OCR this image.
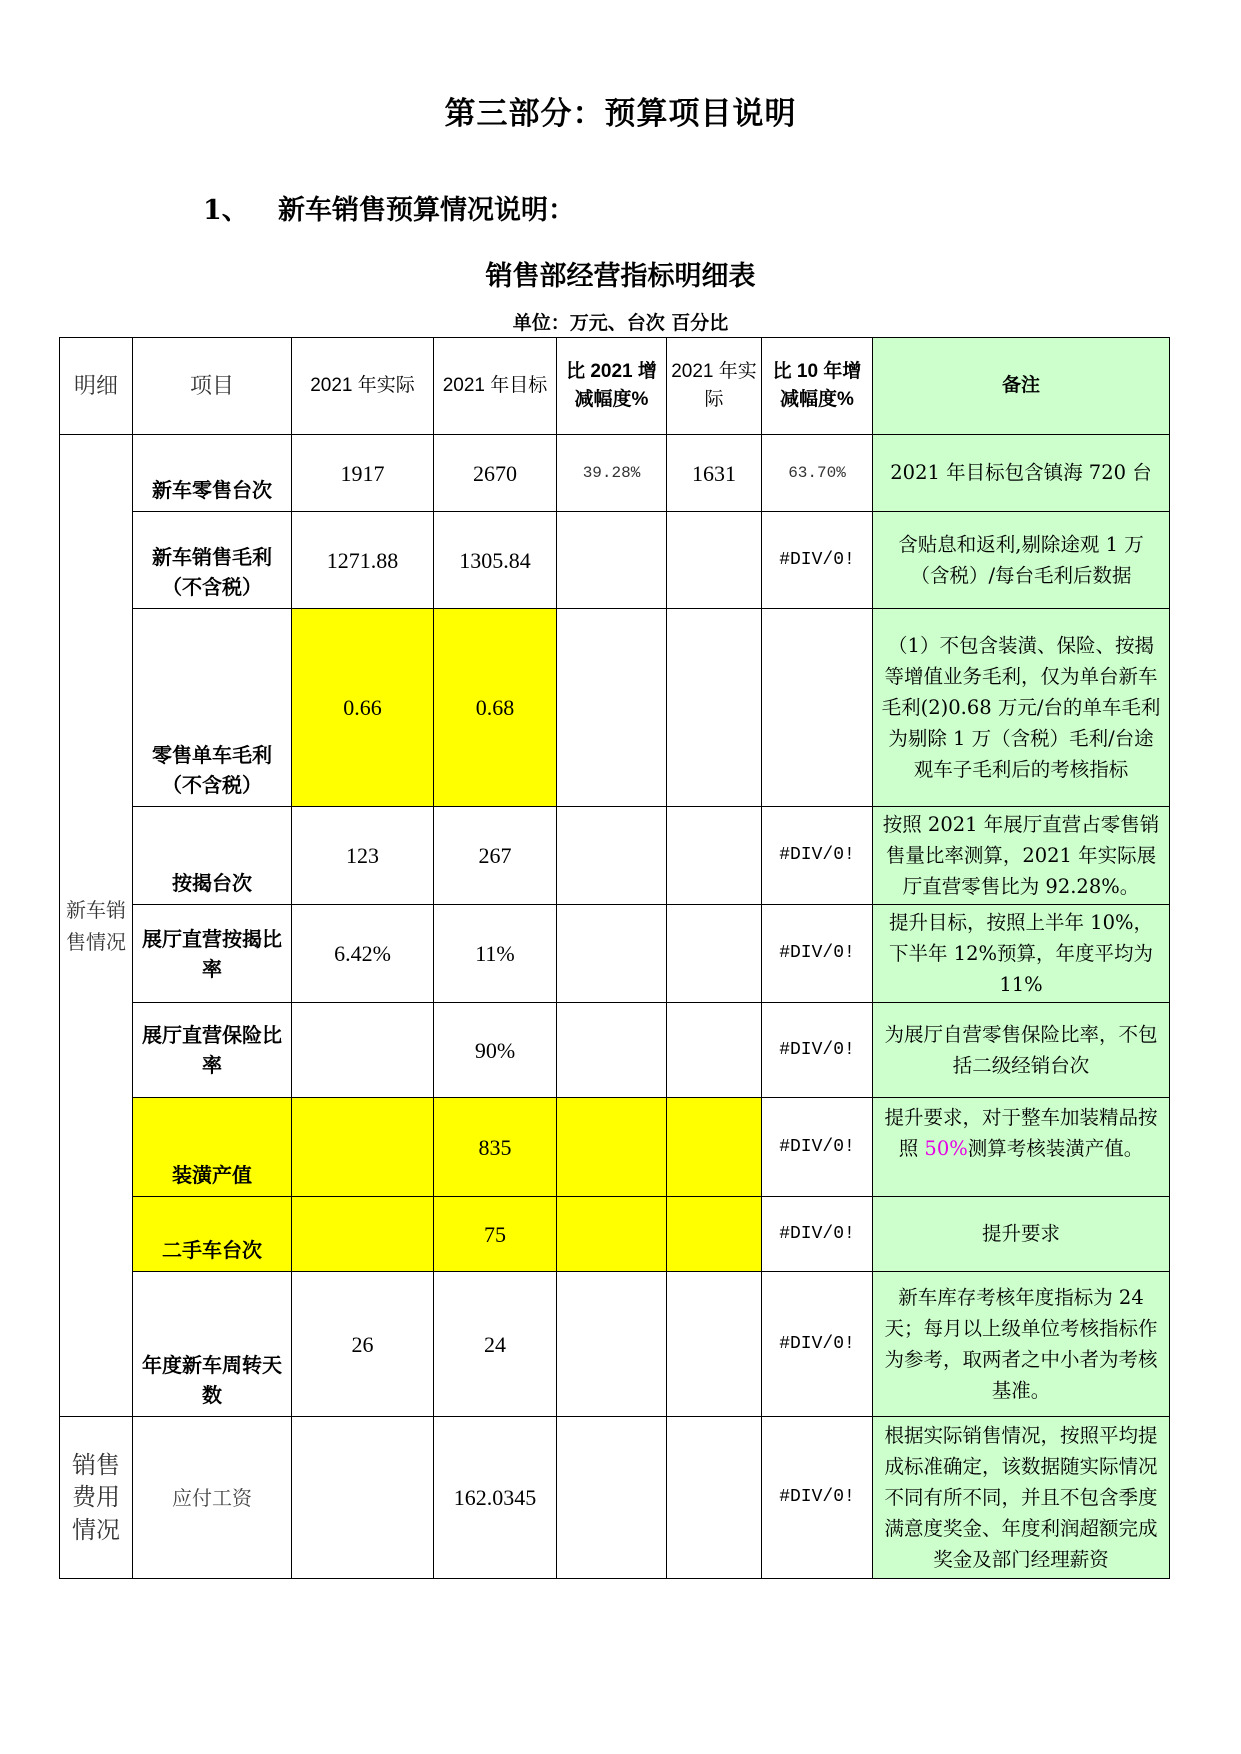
第三部分：预算项目说明
1、 新车销售预算情况说明：
销售部经营指标明细表
单位：万元、台次 百分比
明细	项目	2021 年实际	2021 年目标	比 2021 增减幅度%	2021 年实际	比 10 年增减幅度%	备注
新车销售情况	新车零售台次	1917	2670	39.28%	1631	63.70%	2021 年目标包含镇海 720 台
	新车销售毛利（不含税）	1271.88	1305.84			#DIV/0!	含贴息和返利,剔除途观 1 万（含税）/每台毛利后数据
	零售单车毛利（不含税）	0.66	0.68				（1）不包含装潢、保险、按揭等增值业务毛利，仅为单台新车毛利(2)0.68 万元/台的单车毛利为剔除 1 万（含税）毛利/台途观车子毛利后的考核指标
	按揭台次	123	267			#DIV/0!	按照 2021 年展厅直营占零售销售量比率测算，2021 年实际展厅直营零售比为 92.28%。
	展厅直营按揭比率	6.42%	11%			#DIV/0!	提升目标，按照上半年 10%，下半年 12%预算，年度平均为 11%
	展厅直营保险比率		90%			#DIV/0!	为展厅自营零售保险比率，不包括二级经销台次
	装潢产值		835			#DIV/0!	提升要求，对于整车加装精品按照 50%测算考核装潢产值。
	二手车台次		75			#DIV/0!	提升要求
	年度新车周转天数	26	24			#DIV/0!	新车库存考核年度指标为 24 天；每月以上级单位考核指标作为参考，取两者之中小者为考核基准。
销售费用情况	应付工资		162.0345			#DIV/0!	根据实际销售情况，按照平均提成标准确定，该数据随实际情况不同有所不同，并且不包含季度满意度奖金、年度利润超额完成奖金及部门经理薪资
